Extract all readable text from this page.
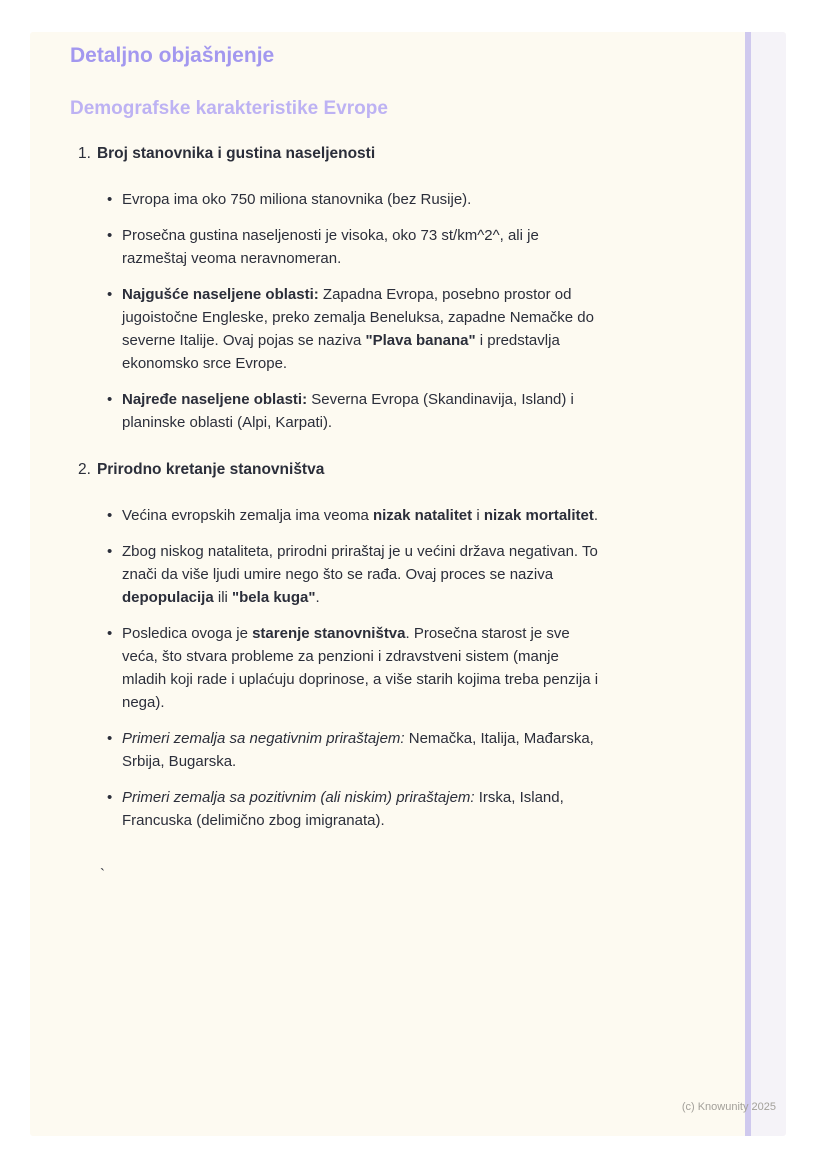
Detaljno objašnjenje
Demografske karakteristike Evrope
1. Broj stanovnika i gustina naseljenosti
• Evropa ima oko 750 miliona stanovnika (bez Rusije).
• Prosečna gustina naseljenosti je visoka, oko 73 st/km^2^, ali je
razmeštaj veoma neravnomeran.
• Najgušće naseljene oblasti: Zapadna Evropa, posebno prostor od
jugoistočne Engleske, preko zemalja Beneluksa, zapadne Nemačke do
severne Italije. Ovaj pojas se naziva "Plava banana" i predstavlja
ekonomsko srce Evrope.
• Najređe naseljene oblasti: Severna Evropa (Skandinavija, Island) i
planinske oblasti (Alpi, Karpati).
2. Prirodno kretanje stanovništva
• Većina evropskih zemalja ima veoma nizak natalitet i nizak mortalitet.
• Zbog niskog nataliteta, prirodni priraštaj je u većini država negativan. To
znači da više ljudi umire nego što se rađa. Ovaj proces se naziva
depopulacija ili "bela kuga".
• Posledica ovoga je starenje stanovništva. Prosečna starost je sve
veća, što stvara probleme za penzioni i zdravstveni sistem (manje
mladih koji rade i uplaćuju doprinose, a više starih kojima treba penzija i
nega).
• Primeri zemalja sa negativnim priraštajem: Nemačka, Italija, Mađarska,
Srbija, Bugarska.
• Primeri zemalja sa pozitivnim (ali niskim) priraštajem: Irska, Island,
Francuska (delimično zbog imigranata).
`
(c) Knowunity 2025
